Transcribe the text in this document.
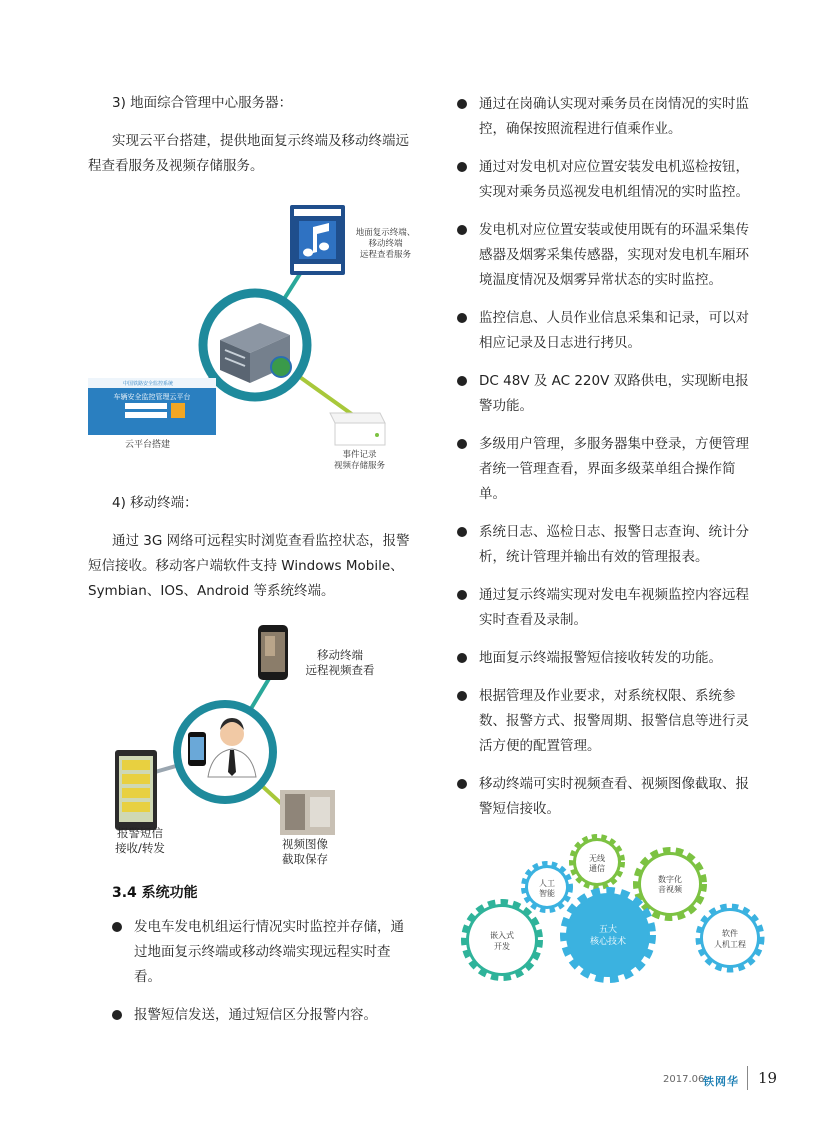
3) 地面综合管理中心服务器：
实现云平台搭建，提供地面复示终端及移动终端远程查看服务及视频存储服务。
中国铁路安全监控系统
车辆安全监控管理云平台
地面复示终端、
移动终端
远程查看服务
云平台搭建
事件记录
视频存储服务
4) 移动终端：
通过 3G 网络可远程实时浏览查看监控状态，报警短信接收。移动客户端软件支持 Windows Mobile、Symbian、IOS、Android 等系统终端。
移动终端
远程视频查看
报警短信
接收/转发	视频图像
截取保存
3.4 系统功能
发电车发电机组运行情况实时监控并存储，通过地面复示终端或移动终端实现远程实时查看。
报警短信发送，通过短信区分报警内容。
通过在岗确认实现对乘务员在岗情况的实时监控，确保按照流程进行值乘作业。
通过对发电机对应位置安装发电机巡检按钮，实现对乘务员巡视发电机组情况的实时监控。
发电机对应位置安装或使用既有的环温采集传感器及烟雾采集传感器，实现对发电机车厢环境温度情况及烟雾异常状态的实时监控。
监控信息、人员作业信息采集和记录，可以对相应记录及日志进行拷贝。
DC 48V 及 AC 220V 双路供电，实现断电报警功能。
多级用户管理，多服务器集中登录，方便管理者统一管理查看，界面多级菜单组合操作简单。
系统日志、巡检日志、报警日志查询、统计分析，统计管理并输出有效的管理报表。
通过复示终端实现对发电车视频监控内容远程实时查看及录制。
地面复示终端报警短信接收转发的功能。
根据管理及作业要求，对系统权限、系统参数、报警方式、报警周期、报警信息等进行灵活方便的配置管理。
移动终端可实时视频查看、视频图像截取、报警短信接收。
五大
核心技术
嵌入式
开发
人工
智能
无线
通信
数字化
音视频
软件
人机工程
2017.06
铁网华 19
